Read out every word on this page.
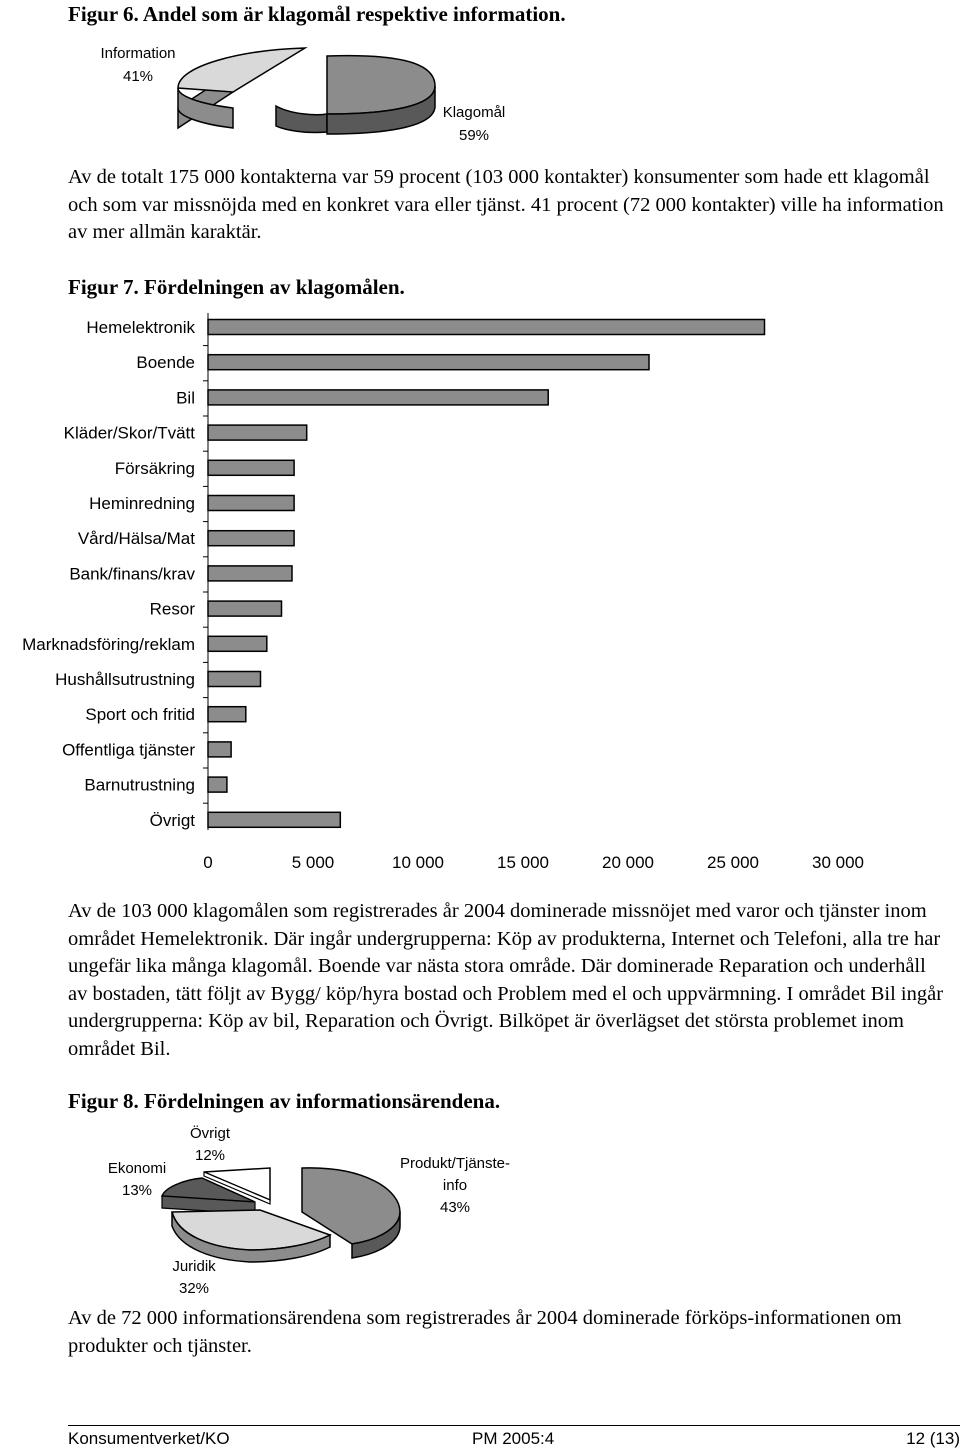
Figur 6. Andel som är klagomål respektive information.
Information
41%
Klagomål
59%
Av de totalt 175 000 kontakterna var 59 procent (103 000 kontakter) konsumenter som hade ett klagomål och som var missnöjda med en konkret vara eller tjänst. 41 procent (72 000 kontakter) ville ha information av mer allmän karaktär.
Figur 7. Fördelningen av klagomålen.
Hemelektronik
Boende
Bil
Kläder/Skor/Tvätt
Försäkring
Heminredning
Vård/Hälsa/Mat
Bank/finans/krav
Resor
Marknadsföring/reklam
Hushållsutrustning
Sport och fritid
Offentliga tjänster
Barnutrustning
Övrigt
0	5 000	10 000	15 000	20 000	25 000	30 000
Av de 103 000 klagomålen som registrerades år 2004 dominerade missnöjet med varor och tjänster inom området Hemelektronik. Där ingår undergrupperna: Köp av produkterna, Internet och Telefoni, alla tre har ungefär lika många klagomål. Boende var nästa stora område. Där dominerade Reparation och underhåll av bostaden, tätt följt av Bygg/ köp/hyra bostad och Problem med el och uppvärmning. I området Bil ingår undergrupperna: Köp av bil, Reparation och Övrigt. Bilköpet är överlägset det största problemet inom området Bil.
Figur 8. Fördelningen av informationsärendena.
Övrigt
12%
Ekonomi
13%
Produkt/Tjänste-
info
43%
Juridik
32%
Av de 72 000 informationsärendena som registrerades år 2004 dominerade förköps-informationen om produkter och tjänster.
Konsumentverket/KO	PM 2005:4	12 (13)
